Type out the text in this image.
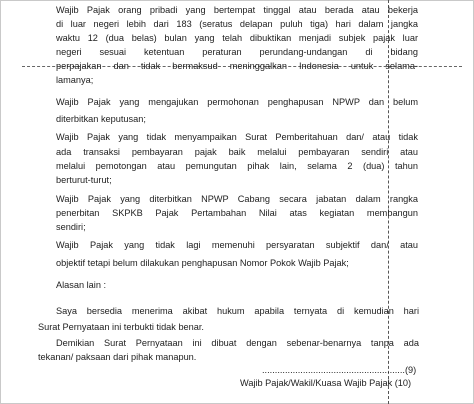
Wajib Pajak orang pribadi yang bertempat tinggal atau berada atau bekerja
di luar negeri lebih dari 183 (seratus delapan puluh tiga) hari dalam jangka
waktu 12 (dua belas) bulan yang telah dibuktikan menjadi subjek pajak luar
negeri sesuai ketentuan peraturan perundang-undangan di bidang
perpajakan dan tidak bermaksud meninggalkan Indonesia untuk selama-
lamanya;
Wajib Pajak yang mengajukan permohonan penghapusan NPWP dan belum
diterbitkan keputusan;
Wajib Pajak yang tidak menyampaikan Surat Pemberitahuan dan/ atau tidak
ada transaksi pembayaran pajak baik melalui pembayaran sendiri atau
melalui pemotongan atau pemungutan pihak lain, selama 2 (dua) tahun
berturut-turut;
Wajib Pajak yang diterbitkan NPWP Cabang secara jabatan dalam rangka
penerbitan SKPKB Pajak Pertambahan Nilai atas kegiatan membangun
sendiri;
Wajib Pajak yang tidak lagi memenuhi persyaratan subjektif dan/ atau
objektif tetapi belum dilakukan penghapusan Nomor Pokok Wajib Pajak;
Alasan lain :
Saya bersedia menerima akibat hukum apabila ternyata di kemudian hari
Surat Pernyataan ini terbukti tidak benar.
Demikian Surat Pernyataan ini dibuat dengan sebenar-benarnya tanpa ada
tekanan/ paksaan dari pihak manapun.
........................................................(9)
Wajib Pajak/Wakil/Kuasa Wajib Pajak (10)
